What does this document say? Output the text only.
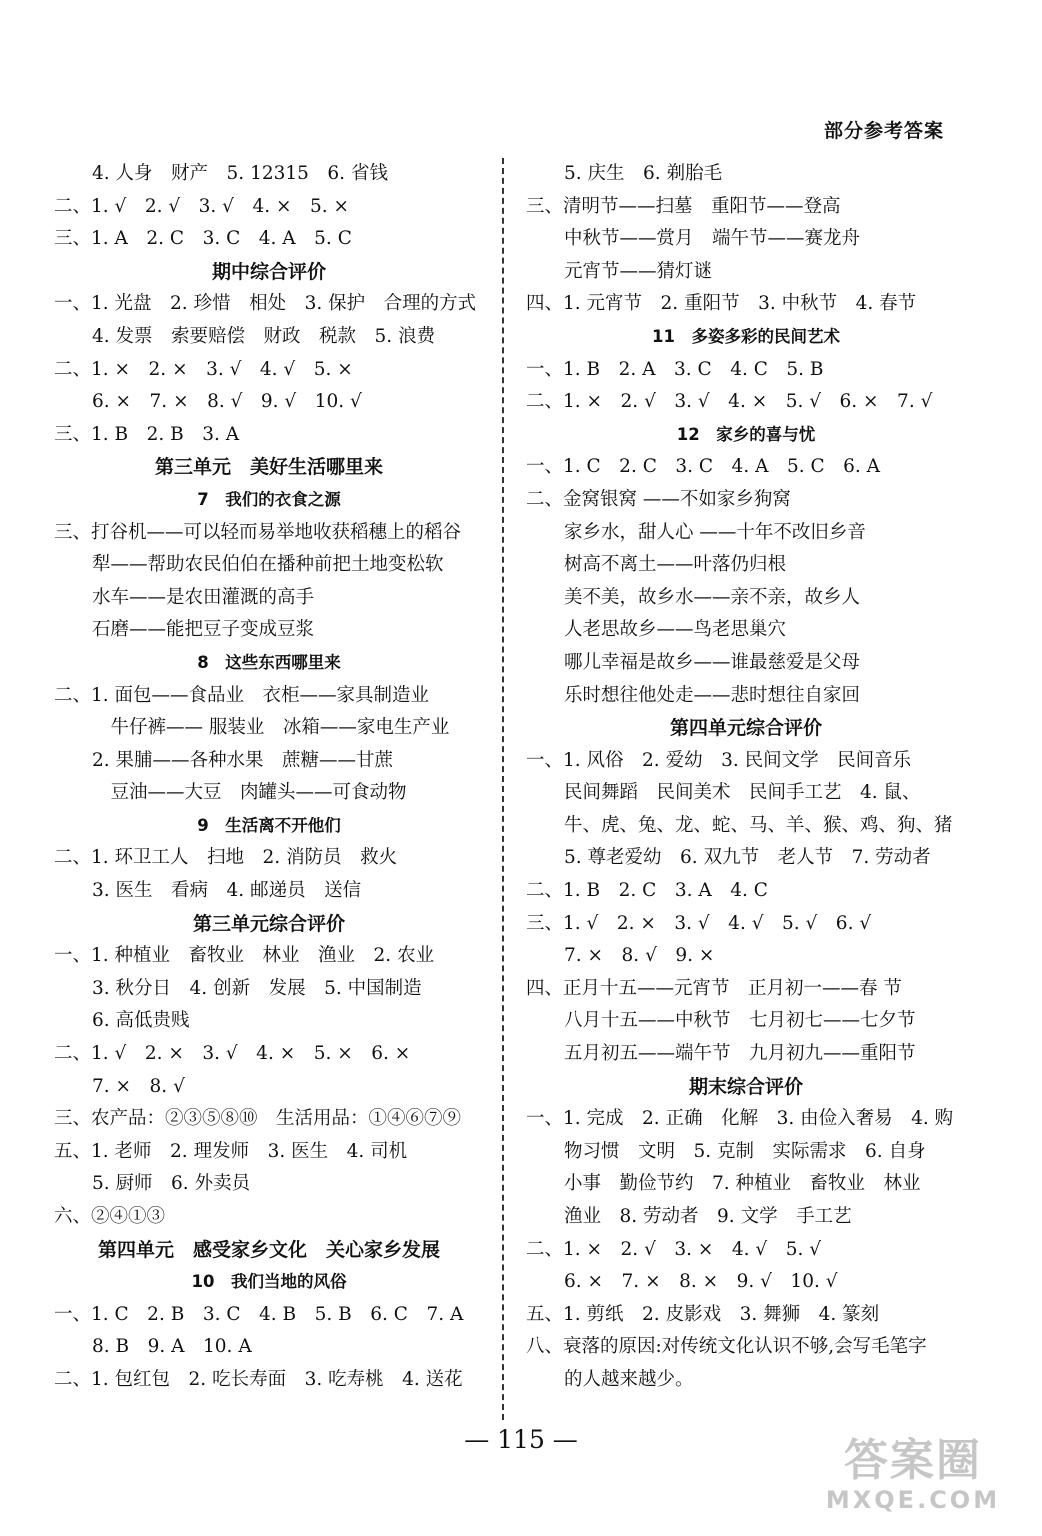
部分参考答案
4. 人身　财产　5. 12315　6. 省钱
二、1. √　2. √　3. √　4. ×　5. ×
三、1. A　2. C　3. C　4. A　5. C
期中综合评价
一、1. 光盘　2. 珍惜　相处　3. 保护　合理的方式
4. 发票　索要赔偿　财政　税款　5. 浪费
二、1. ×　2. ×　3. √　4. √　5. ×
6. ×　7. ×　8. √　9. √　10. √
三、1. B　2. B　3. A
第三单元　美好生活哪里来
7　我们的衣食之源
三、打谷机——可以轻而易举地收获稻穗上的稻谷
犁——帮助农民伯伯在播种前把土地变松软
水车——是农田灌溉的高手
石磨——能把豆子变成豆浆
8　这些东西哪里来
二、1. 面包——食品业　衣柜——家具制造业
　牛仔裤—— 服装业　冰箱——家电生产业
2. 果脯——各种水果　蔗糖——甘蔗
　豆油——大豆　肉罐头——可食动物
9　生活离不开他们
二、1. 环卫工人　扫地　2. 消防员　救火
3. 医生　看病　4. 邮递员　送信
第三单元综合评价
一、1. 种植业　畜牧业　林业　渔业　2. 农业
3. 秋分日　4. 创新　发展　5. 中国制造
6. 高低贵贱
二、1. √　2. ×　3. √　4. ×　5. ×　6. ×
7. ×　8. √
三、农产品：②③⑤⑧⑩　生活用品：①④⑥⑦⑨
五、1. 老师　2. 理发师　3. 医生　4. 司机
5. 厨师　6. 外卖员
六、②④①③
第四单元　感受家乡文化　关心家乡发展
10　我们当地的风俗
一、1. C　2. B　3. C　4. B　5. B　6. C　7. A
8. B　9. A　10. A
二、1. 包红包　2. 吃长寿面　3. 吃寿桃　4. 送花
5. 庆生　6. 剃胎毛
三、清明节——扫墓　重阳节——登高
中秋节——赏月　端午节——赛龙舟
元宵节——猜灯谜
四、1. 元宵节　2. 重阳节　3. 中秋节　4. 春节
11　多姿多彩的民间艺术
一、1. B　2. A　3. C　4. C　5. B
二、1. ×　2. √　3. √　4. ×　5. √　6. ×　7. √
12　家乡的喜与忧
一、1. C　2. C　3. C　4. A　5. C　6. A
二、金窝银窝 ——不如家乡狗窝
家乡水，甜人心 ——十年不改旧乡音
树高不离土——叶落仍归根
美不美，故乡水——亲不亲，故乡人
人老思故乡——鸟老思巢穴
哪儿幸福是故乡——谁最慈爱是父母
乐时想往他处走——悲时想往自家回
第四单元综合评价
一、1. 风俗　2. 爱幼　3. 民间文学　民间音乐
民间舞蹈　民间美术　民间手工艺　4. 鼠、
牛、虎、兔、龙、蛇、马、羊、猴、鸡、狗、猪
5. 尊老爱幼　6. 双九节　老人节　7. 劳动者
二、1. B　2. C　3. A　4. C
三、1. √　2. ×　3. √　4. √　5. √　6. √
7. ×　8. √　9. ×
四、正月十五——元宵节　正月初一——春 节
八月十五——中秋节　七月初七——七夕节
五月初五——端午节　九月初九——重阳节
期末综合评价
一、1. 完成　2. 正确　化解　3. 由俭入奢易　4. 购
物习惯　文明　5. 克制　实际需求　6. 自身
小事　勤俭节约　7. 种植业　畜牧业　林业
渔业　8. 劳动者　9. 文学　手工艺
二、1. ×　2. √　3. ×　4. √　5. √
6. ×　7. ×　8. ×　9. √　10. √
五、1. 剪纸　2. 皮影戏　3. 舞狮　4. 篆刻
八、衰落的原因:对传统文化认识不够,会写毛笔字
的人越来越少。
— 115 —	答案圈
MXQE.COM
